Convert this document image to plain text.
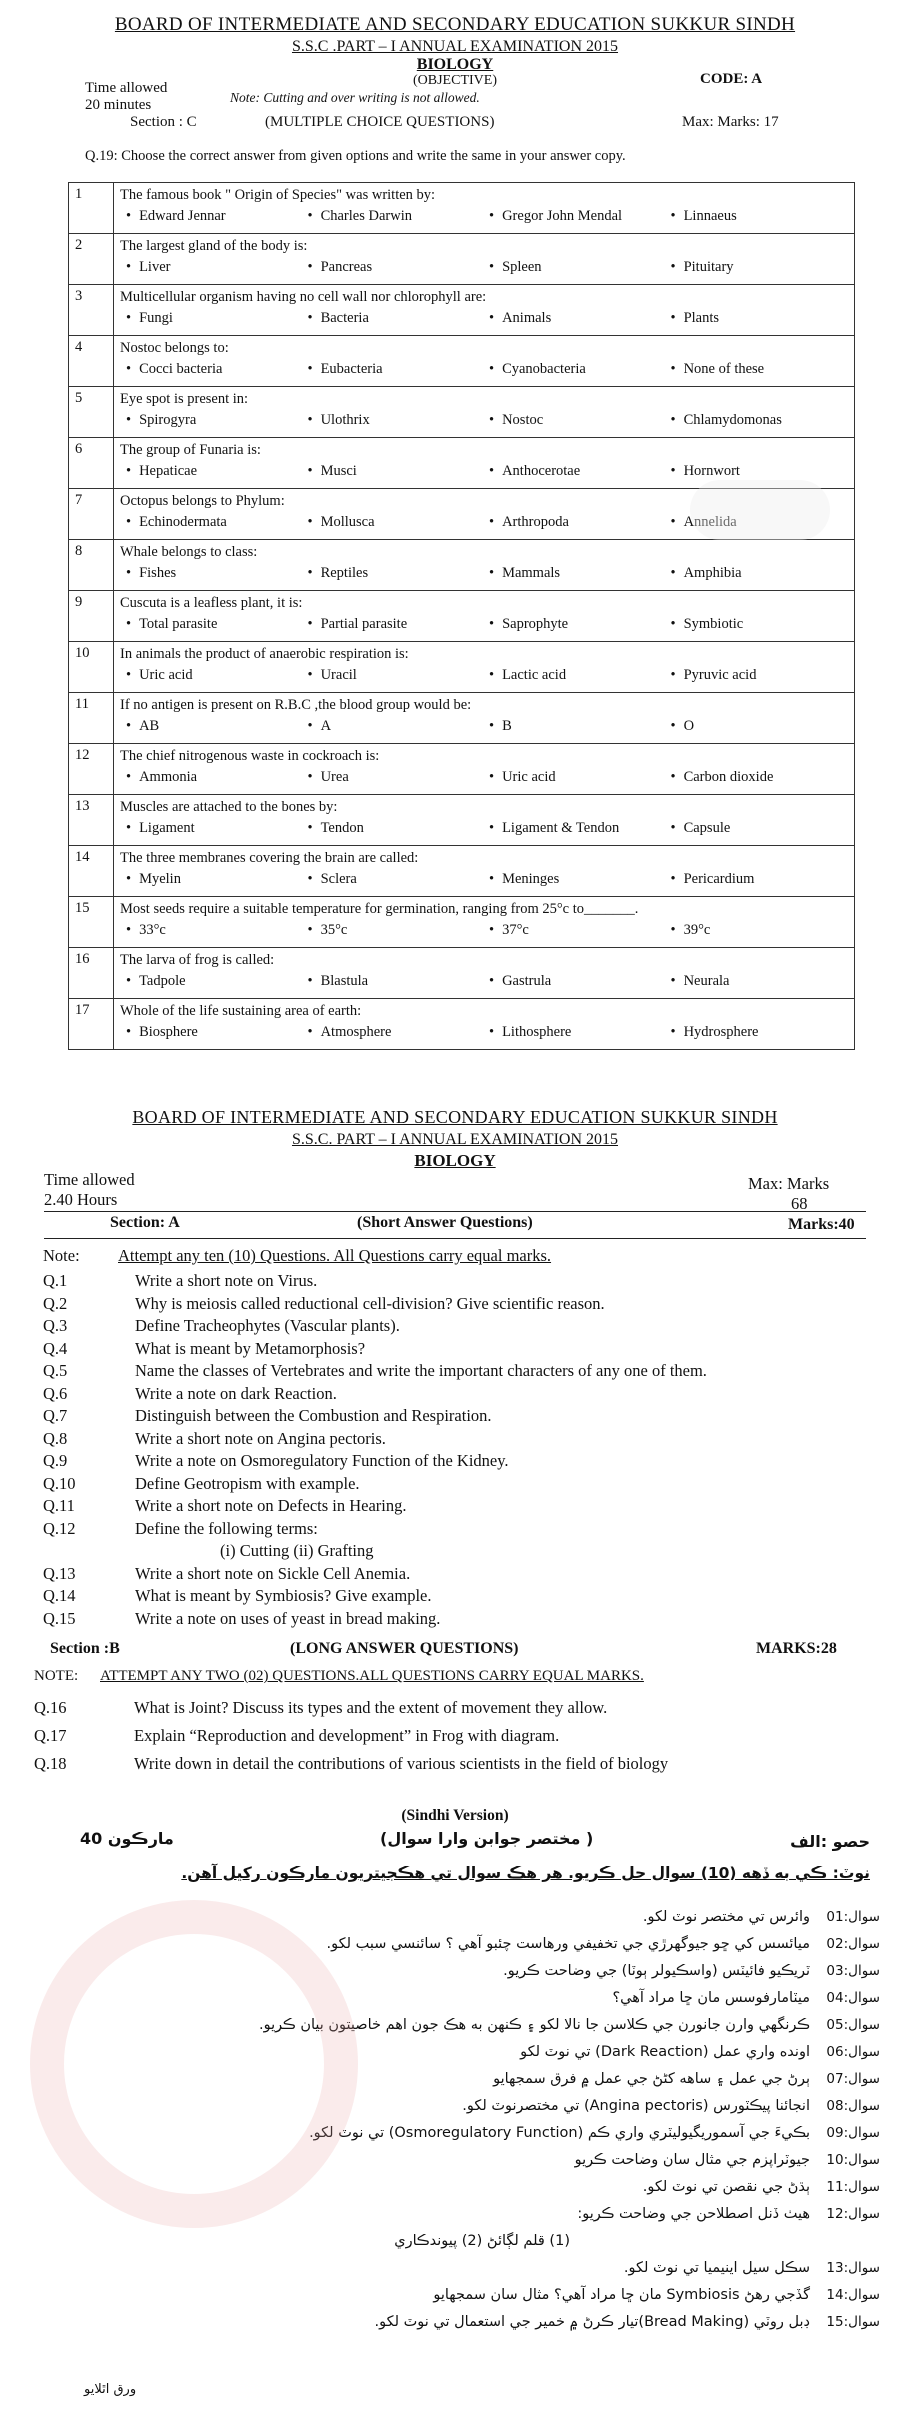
BOARD OF INTERMEDIATE AND SECONDARY EDUCATION SUKKUR SINDH
S.S.C .PART – I ANNUAL EXAMINATION 2015
BIOLOGY
(OBJECTIVE)
Time allowed
20 minutes	Note: Cutting and over writing is not allowed.
CODE: A
Section : C	(MULTIPLE CHOICE QUESTIONS)	Max: Marks: 17
Q.19: Choose the correct answer from given options and write the same in your answer copy.
1	The famous book " Origin of Species" was written by:
• Edward Jennar • Charles Darwin • Gregor John Mendal • Linnaeus

2	The largest gland of the body is:
• Liver • Pancreas • Spleen • Pituitary

3	Multicellular organism having no cell wall nor chlorophyll are:
• Fungi • Bacteria • Animals • Plants

4	Nostoc belongs to:
• Cocci bacteria • Eubacteria • Cyanobacteria • None of these

5	Eye spot is present in:
• Spirogyra • Ulothrix • Nostoc • Chlamydomonas

6	The group of Funaria is:
• Hepaticae • Musci • Anthocerotae • Hornwort

7	Octopus belongs to Phylum:
• Echinodermata • Mollusca • Arthropoda • Annelida

8	Whale belongs to class:
• Fishes • Reptiles • Mammals • Amphibia

9	Cuscuta is a leafless plant, it is:
• Total parasite • Partial parasite • Saprophyte • Symbiotic

10	In animals the product of anaerobic respiration is:
• Uric acid • Uracil • Lactic acid • Pyruvic acid

11	If no antigen is present on R.B.C ,the blood group would be:
• AB • A • B • O

12	The chief nitrogenous waste in cockroach is:
• Ammonia • Urea • Uric acid • Carbon dioxide

13	Muscles are attached to the bones by:
• Ligament • Tendon • Ligament & Tendon • Capsule

14	The three membranes covering the brain are called:
• Myelin • Sclera • Meninges • Pericardium

15	Most seeds require a suitable temperature for germination, ranging from 25°c to_______.
• 33°c • 35°c • 37°c • 39°c

16	The larva of frog is called:
• Tadpole • Blastula • Gastrula • Neurala

17	Whole of the life sustaining area of earth:
• Biosphere • Atmosphere • Lithosphere • Hydrosphere
BOARD OF INTERMEDIATE AND SECONDARY EDUCATION SUKKUR SINDH
S.S.C. PART – I ANNUAL EXAMINATION 2015
BIOLOGY
Time allowed
2.40 Hours
Max: Marks
68
Section: A	(Short Answer Questions)	Marks:40
Note: Attempt any ten (10) Questions. All Questions carry equal marks.
Q.1	Write a short note on Virus.
Q.2	Why is meiosis called reductional cell-division? Give scientific reason.
Q.3	Define Tracheophytes (Vascular plants).
Q.4	What is meant by Metamorphosis?
Q.5	Name the classes of Vertebrates and write the important characters of any one of them.
Q.6	Write a note on dark Reaction.
Q.7	Distinguish between the Combustion and Respiration.
Q.8	Write a short note on Angina pectoris.
Q.9	Write a note on Osmoregulatory Function of the Kidney.
Q.10	Define Geotropism with example.
Q.11	Write a short note on Defects in Hearing.
Q.12	Define the following terms:
(i) Cutting (ii) Grafting
Q.13	Write a short note on Sickle Cell Anemia.
Q.14	What is meant by Symbiosis? Give example.
Q.15	Write a note on uses of yeast in bread making.
Section :B	(LONG ANSWER QUESTIONS)	MARKS:28
NOTE: ATTEMPT ANY TWO (02) QUESTIONS.ALL QUESTIONS CARRY EQUAL MARKS.
Q.16	What is Joint? Discuss its types and the extent of movement they allow.
Q.17	Explain “Reproduction and development” in Frog with diagram.
Q.18	Write down in detail the contributions of various scientists in the field of biology
(Sindhi Version)
مارڪون 40	( مختصر جوابن وارا سوال)	حصو :الف
نوٽ: ڪي به ڏهه (10) سوال حل ڪريو. هر هڪ سوال تي هڪجيتريون مارڪون رکيل آهن.
سوال:01
وائرس تي مختصر نوٽ لکو.
سوال:02
ميائسس کي ڇو جيوگهرڙي جي تخفيفي ورهاست چئبو آهي ؟ سائنسي سبب لکو.
سوال:03
ٽريڪيو فائيٽس (واسڪيولر ٻوٽا) جي وضاحت ڪريو.
سوال:04
ميٽامارفوسس مان ڇا مراد آهي؟
سوال:05
ڪرنگهي وارن جانورن جي ڪلاسن جا نالا لکو ۽ ڪنهن به هڪ جون اهم خاصيتون بيان ڪريو.
سوال:06
اونده واري عمل (Dark Reaction) تي نوٽ لکو
سوال:07
ٻرڻ جي عمل ۽ ساهه کڻڻ جي عمل ۾ فرق سمجهايو
سوال:08
انجائنا پيڪٽورس (Angina pectoris) تي مختصرنوٽ لکو.
سوال:09
بڪيءَ جي آسموريگيوليٽري واري ڪم (Osmoregulatory Function) تي نوٽ لکو.
سوال:10
جيوٽراپزم جي مثال سان وضاحت ڪريو
سوال:11
ٻڌڻ جي نقصن تي نوٽ لکو.
سوال:12
هيٺ ڏنل اصطلاحن جي وضاحت ڪريو:
(1) قلم لڳائڻ (2) پيوندڪاري
سوال:13
سڪل سيل اينيميا تي نوٽ لکو.
سوال:14
گڏجي رهڻ Symbiosis مان ڇا مراد آهي؟ مثال سان سمجهايو
سوال:15
ڊبل روٽي (Bread Making)تيار ڪرڻ ۾ خمير جي استعمال تي نوٽ لکو.
ورق اٿلايو
